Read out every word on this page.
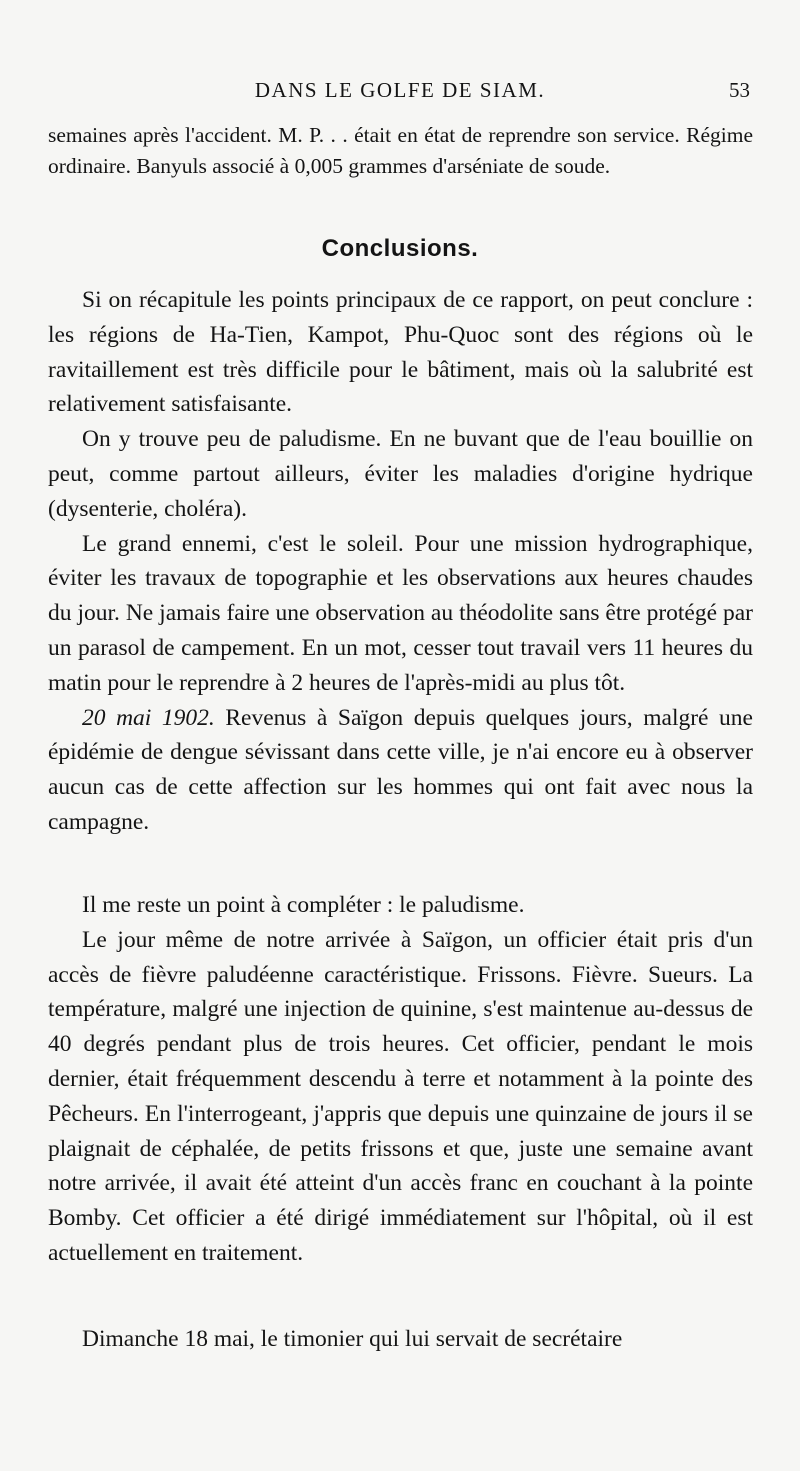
DANS LE GOLFE DE SIAM.	53
semaines après l'accident. M. P. . . était en état de reprendre son service. Régime ordinaire. Banyuls associé à 0,005 grammes d'arséniate de soude.
Conclusions.

Si on récapitule les points principaux de ce rapport, on peut conclure : les régions de Ha-Tien, Kampot, Phu-Quoc sont des régions où le ravitaillement est très difficile pour le bâtiment, mais où la salubrité est relativement satisfaisante.

On y trouve peu de paludisme. En ne buvant que de l'eau bouillie on peut, comme partout ailleurs, éviter les maladies d'origine hydrique (dysenterie, choléra).

Le grand ennemi, c'est le soleil. Pour une mission hydrographique, éviter les travaux de topographie et les observations aux heures chaudes du jour. Ne jamais faire une observation au théodolite sans être protégé par un parasol de campement. En un mot, cesser tout travail vers 11 heures du matin pour le reprendre à 2 heures de l'après-midi au plus tôt.

20 mai 1902. Revenus à Saïgon depuis quelques jours, malgré une épidémie de dengue sévissant dans cette ville, je n'ai encore eu à observer aucun cas de cette affection sur les hommes qui ont fait avec nous la campagne.

Il me reste un point à compléter : le paludisme.

Le jour même de notre arrivée à Saïgon, un officier était pris d'un accès de fièvre paludéenne caractéristique. Frissons. Fièvre. Sueurs. La température, malgré une injection de quinine, s'est maintenue au-dessus de 40 degrés pendant plus de trois heures. Cet officier, pendant le mois dernier, était fréquemment descendu à terre et notamment à la pointe des Pêcheurs. En l'interrogeant, j'appris que depuis une quinzaine de jours il se plaignait de céphalée, de petits frissons et que, juste une semaine avant notre arrivée, il avait été atteint d'un accès franc en couchant à la pointe Bomby. Cet officier a été dirigé immédiatement sur l'hôpital, où il est actuellement en traitement.

Dimanche 18 mai, le timonier qui lui servait de secrétaire
